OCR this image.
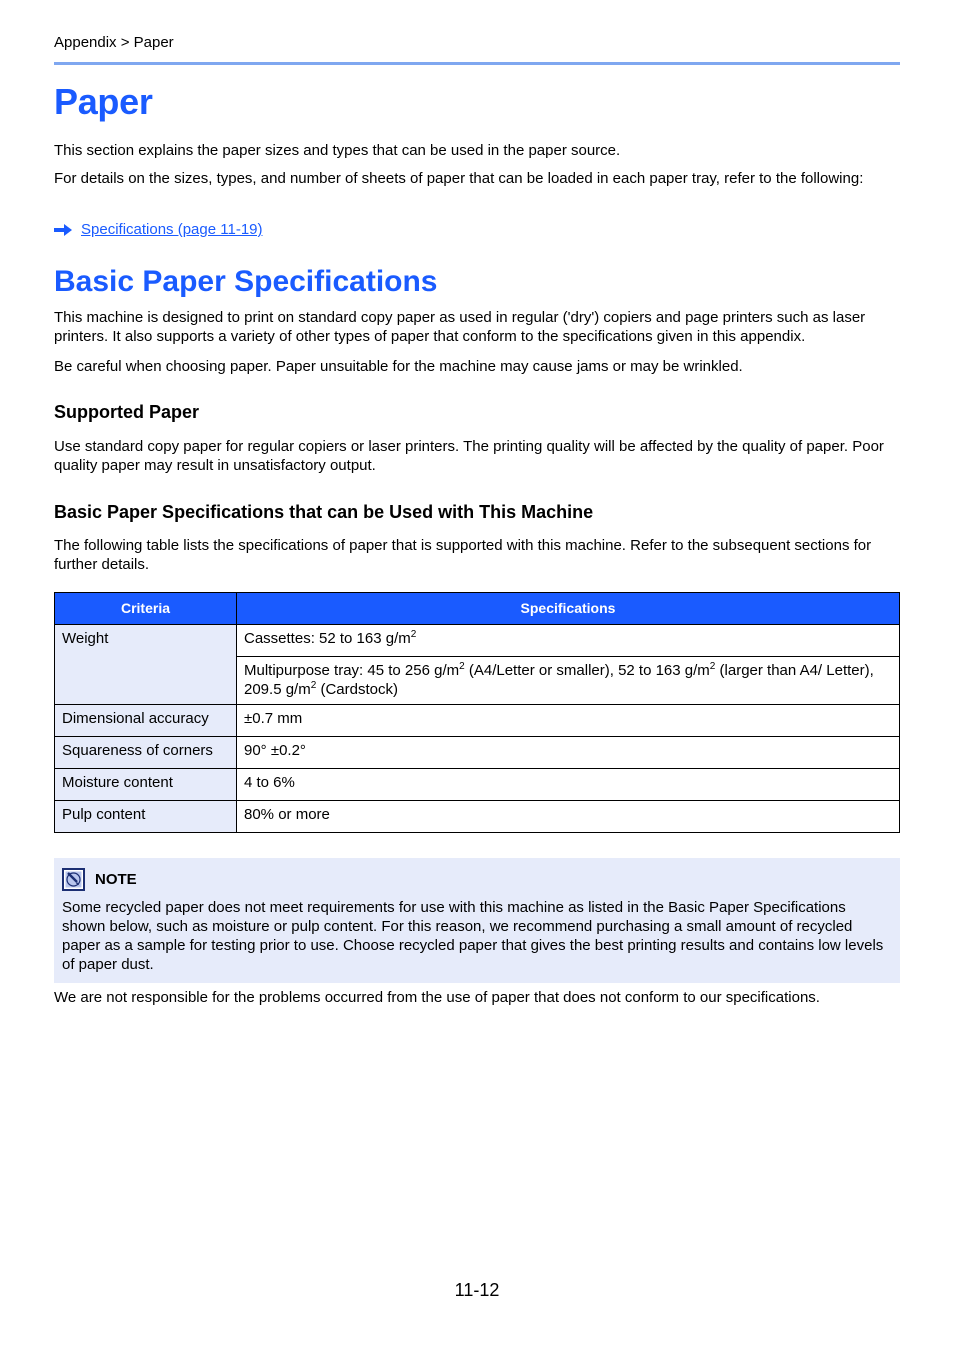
Appendix > Paper
Paper

This section explains the paper sizes and types that can be used in the paper source.

For details on the sizes, types, and number of sheets of paper that can be loaded in each paper tray, refer to the following:

Specifications (page 11-19)
Basic Paper Specifications

This machine is designed to print on standard copy paper as used in regular ('dry') copiers and page printers such as laser printers. It also supports a variety of other types of paper that conform to the specifications given in this appendix.

Be careful when choosing paper. Paper unsuitable for the machine may cause jams or may be wrinkled.

Supported Paper

Use standard copy paper for regular copiers or laser printers. The printing quality will be affected by the quality of paper. Poor quality paper may result in unsatisfactory output.

Basic Paper Specifications that can be Used with This Machine

The following table lists the specifications of paper that is supported with this machine. Refer to the subsequent sections for further details.

Criteria	Specifications
Weight	Cassettes: 52 to 163 $g/m^2$
	Multipurpose tray: 45 to 256 $g/m^2$ (A4/Letter or smaller), 52 to 163 $g/m^2$ (larger than A4/ Letter), 209.5 $g/m^2$ (Cardstock)
Dimensional accuracy	±0.7 mm
Squareness of corners	90° ±0.2°
Moisture content	4 to 6%
Pulp content	80% or more
NOTE
Some recycled paper does not meet requirements for use with this machine as listed in the Basic Paper Specifications shown below, such as moisture or pulp content. For this reason, we recommend purchasing a small amount of recycled paper as a sample for testing prior to use. Choose recycled paper that gives the best printing results and contains low levels of paper dust.

We are not responsible for the problems occurred from the use of paper that does not conform to our specifications.

11-12
